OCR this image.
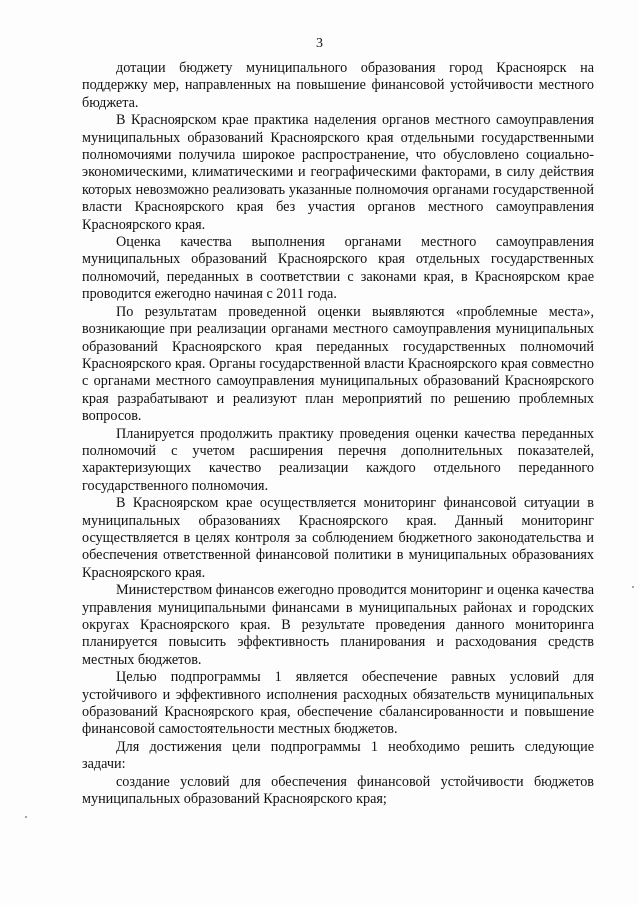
3

дотации бюджету муниципального образования город Красноярск на поддержку мер, направленных на повышение финансовой устойчивости местного бюджета.

В Красноярском крае практика наделения органов местного самоуправления муниципальных образований Красноярского края отдельными государственными полномочиями получила широкое распространение, что обусловлено социально-экономическими, климатическими и географическими факторами, в силу действия которых невозможно реализовать указанные полномочия органами государственной власти Красноярского края без участия органов местного самоуправления Красноярского края.

Оценка качества выполнения органами местного самоуправления муниципальных образований Красноярского края отдельных государственных полномочий, переданных в соответствии с законами края, в Красноярском крае проводится ежегодно начиная с 2011 года.

По результатам проведенной оценки выявляются «проблемные места», возникающие при реализации органами местного самоуправления муниципальных образований Красноярского края переданных государственных полномочий Красноярского края. Органы государственной власти Красноярского края совместно с органами местного самоуправления муниципальных образований Красноярского края разрабатывают и реализуют план мероприятий по решению проблемных вопросов.

Планируется продолжить практику проведения оценки качества переданных полномочий с учетом расширения перечня дополнительных показателей, характеризующих качество реализации каждого отдельного переданного государственного полномочия.

В Красноярском крае осуществляется мониторинг финансовой ситуации в муниципальных образованиях Красноярского края. Данный мониторинг осуществляется в целях контроля за соблюдением бюджетного законодательства и обеспечения ответственной финансовой политики в муниципальных образованиях Красноярского края.

Министерством финансов ежегодно проводится мониторинг и оценка качества управления муниципальными финансами в муниципальных районах и городских округах Красноярского края. В результате проведения данного мониторинга планируется повысить эффективность планирования и расходования средств местных бюджетов.

Целью подпрограммы 1 является обеспечение равных условий для устойчивого и эффективного исполнения расходных обязательств муниципальных образований Красноярского края, обеспечение сбалансированности и повышение финансовой самостоятельности местных бюджетов.

Для достижения цели подпрограммы 1 необходимо решить следующие задачи:

создание условий для обеспечения финансовой устойчивости бюджетов муниципальных образований Красноярского края;
